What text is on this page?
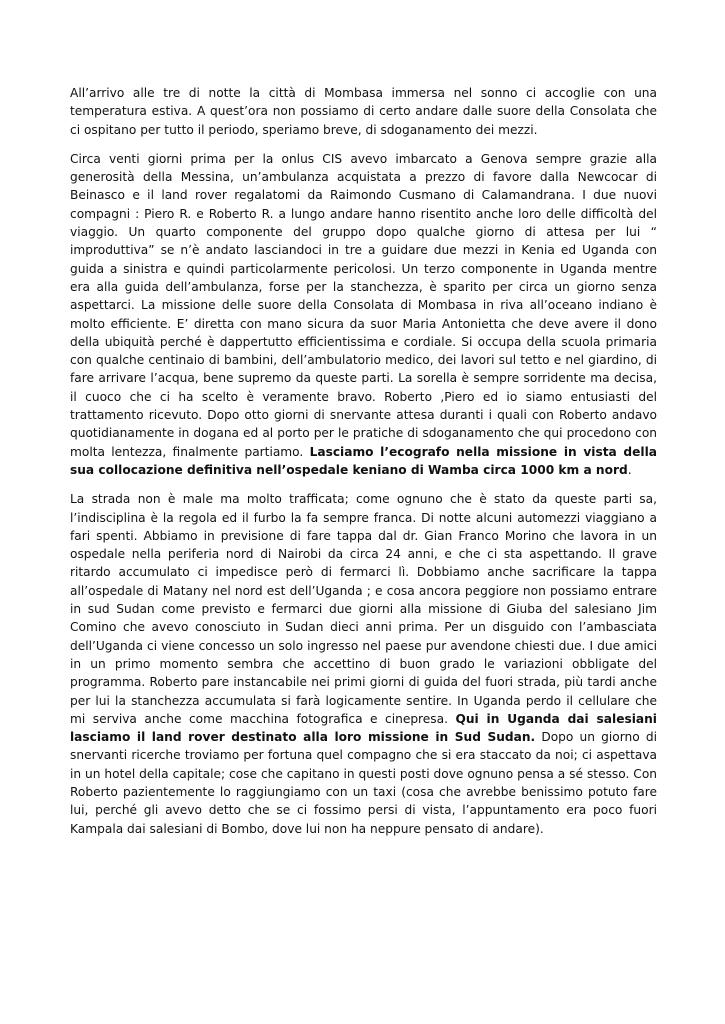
All’arrivo alle tre di notte la città di Mombasa immersa nel sonno ci accoglie con una temperatura estiva. A quest’ora non possiamo di certo andare dalle suore della Consolata che ci ospitano per tutto il periodo, speriamo breve, di sdoganamento dei mezzi.

Circa venti giorni prima per la onlus CIS avevo imbarcato a Genova sempre grazie alla generosità della Messina, un’ambulanza acquistata a prezzo di favore dalla Newcocar di Beinasco e il land rover regalatomi da Raimondo Cusmano di Calamandrana. I due nuovi compagni : Piero R. e Roberto R. a lungo andare hanno risentito anche loro delle difficoltà del viaggio. Un quarto componente del gruppo dopo qualche giorno di attesa per lui “ improduttiva” se n’è andato lasciandoci in tre a guidare due mezzi in Kenia ed Uganda con guida a sinistra e quindi particolarmente pericolosi. Un terzo componente in Uganda mentre era alla guida dell’ambulanza, forse per la stanchezza, è sparito per circa un giorno senza aspettarci. La missione delle suore della Consolata di Mombasa in riva all’oceano indiano è molto efficiente. E’ diretta con mano sicura da suor Maria Antonietta che deve avere il dono della ubiquità perché è dappertutto efficientissima e cordiale. Si occupa della scuola primaria con qualche centinaio di bambini, dell’ambulatorio medico, dei lavori sul tetto e nel giardino, di fare arrivare l’acqua, bene supremo da queste parti. La sorella è sempre sorridente ma decisa, il cuoco che ci ha scelto è veramente bravo. Roberto ,Piero ed io siamo entusiasti del trattamento ricevuto. Dopo otto giorni di snervante attesa duranti i quali con Roberto andavo quotidianamente in dogana ed al porto per le pratiche di sdoganamento che qui procedono con molta lentezza, finalmente partiamo. Lasciamo l’ecografo nella missione in vista della sua collocazione definitiva nell’ospedale keniano di Wamba circa 1000 km a nord.

La strada non è male ma molto trafficata; come ognuno che è stato da queste parti sa, l’indisciplina è la regola ed il furbo la fa sempre franca. Di notte alcuni automezzi viaggiano a fari spenti. Abbiamo in previsione di fare tappa dal dr. Gian Franco Morino che lavora in un ospedale nella periferia nord di Nairobi da circa 24 anni, e che ci sta aspettando. Il grave ritardo accumulato ci impedisce però di fermarci lì. Dobbiamo anche sacrificare la tappa all’ospedale di Matany nel nord est dell’Uganda ; e cosa ancora peggiore non possiamo entrare in sud Sudan come previsto e fermarci due giorni alla missione di Giuba del salesiano Jim Comino che avevo conosciuto in Sudan dieci anni prima. Per un disguido con l’ambasciata dell’Uganda ci viene concesso un solo ingresso nel paese pur avendone chiesti due. I due amici in un primo momento sembra che accettino di buon grado le variazioni obbligate del programma. Roberto pare instancabile nei primi giorni di guida del fuori strada, più tardi anche per lui la stanchezza accumulata si farà logicamente sentire. In Uganda perdo il cellulare che mi serviva anche come macchina fotografica e cinepresa. Qui in Uganda dai salesiani lasciamo il land rover destinato alla loro missione in Sud Sudan. Dopo un giorno di snervanti ricerche troviamo per fortuna quel compagno che si era staccato da noi; ci aspettava in un hotel della capitale; cose che capitano in questi posti dove ognuno pensa a sé stesso. Con Roberto pazientemente lo raggiungiamo con un taxi (cosa che avrebbe benissimo potuto fare lui, perché gli avevo detto che se ci fossimo persi di vista, l’appuntamento era poco fuori Kampala dai salesiani di Bombo, dove lui non ha neppure pensato di andare).
